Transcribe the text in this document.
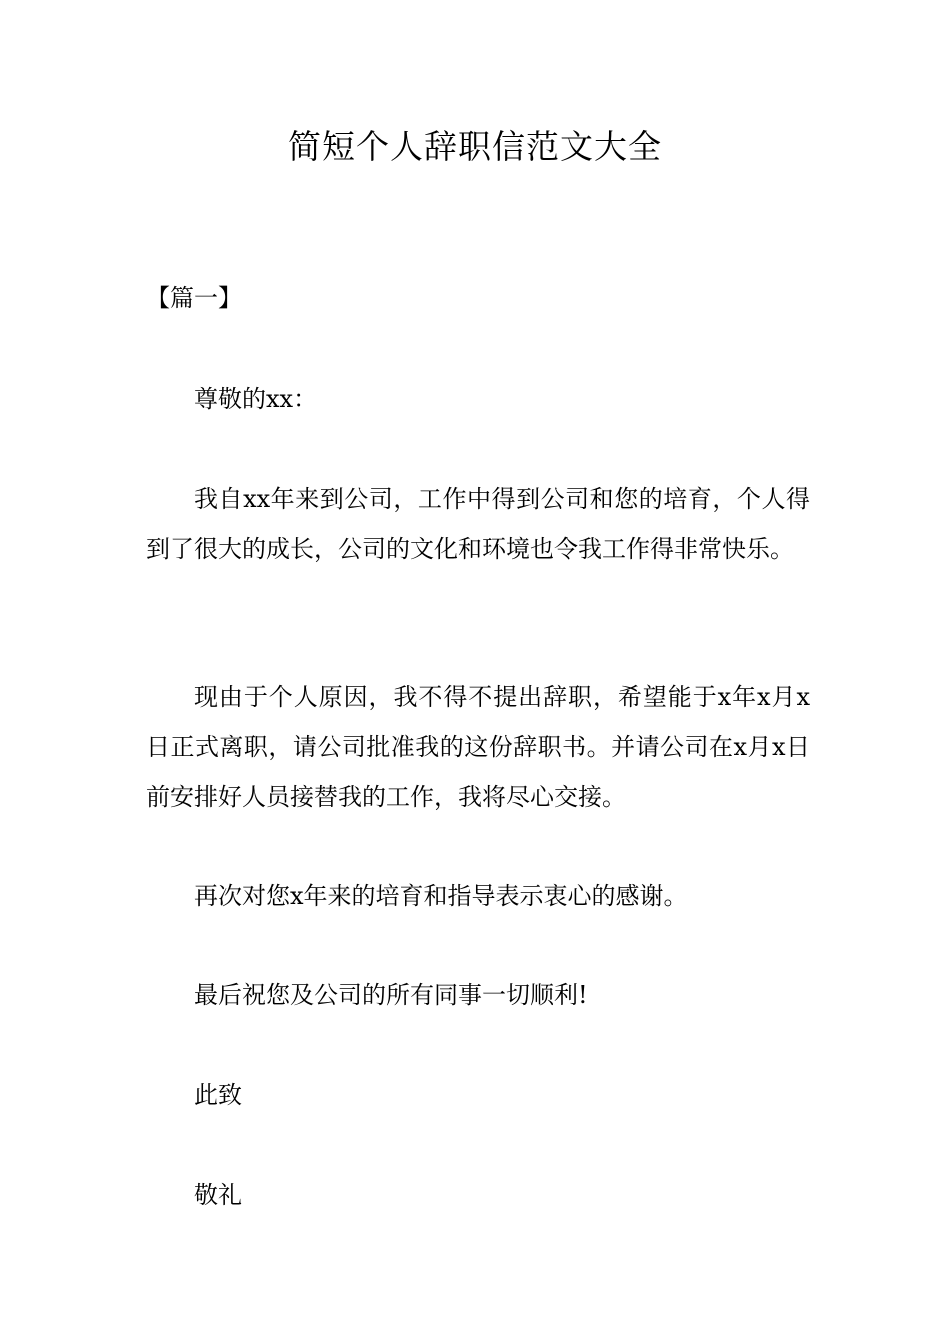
简短个人辞职信范文大全
【篇一】

尊敬的xx：

我自xx年来到公司，工作中得到公司和您的培育，个人得到了很大的成长，公司的文化和环境也令我工作得非常快乐。

现由于个人原因，我不得不提出辞职，希望能于x年x月x日正式离职，请公司批准我的这份辞职书。并请公司在x月x日前安排好人员接替我的工作，我将尽心交接。

再次对您x年来的培育和指导表示衷心的感谢。

最后祝您及公司的所有同事一切顺利!

此致

敬礼
